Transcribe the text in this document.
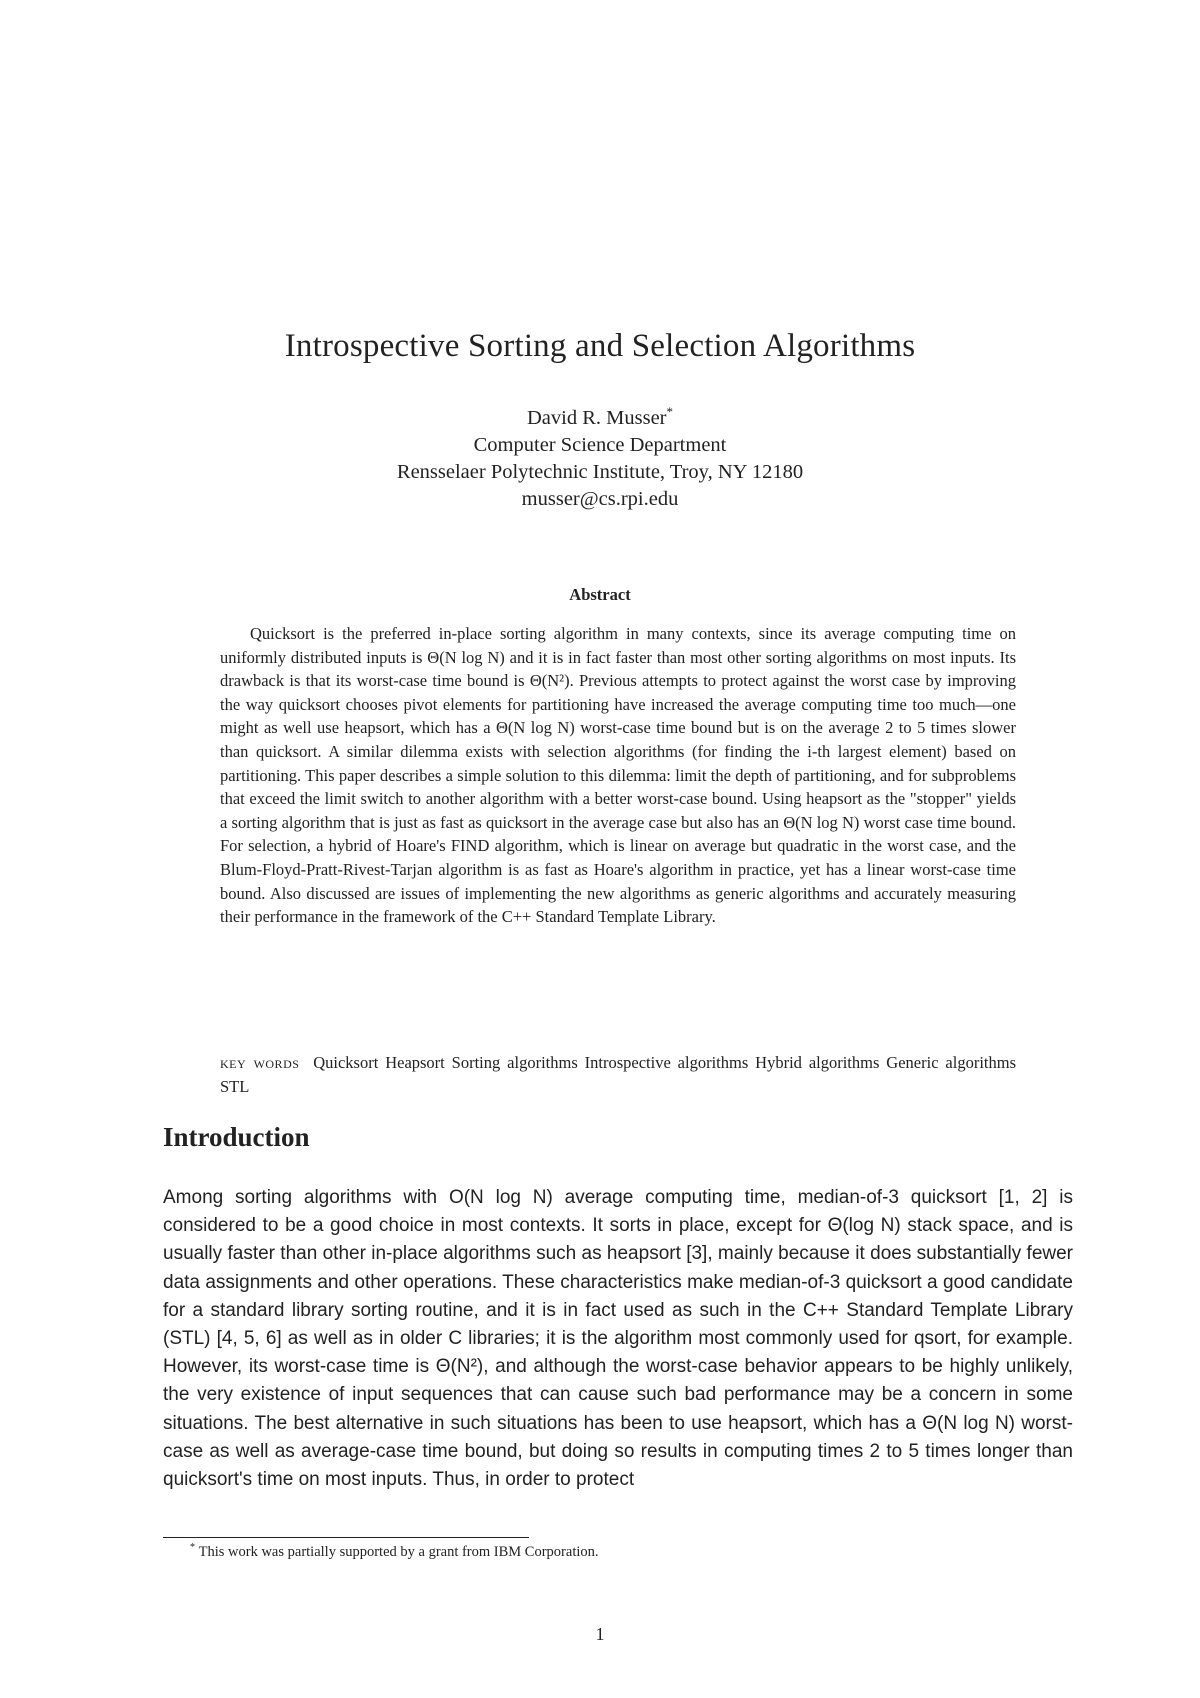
Introspective Sorting and Selection Algorithms
David R. Musser*
Computer Science Department
Rensselaer Polytechnic Institute, Troy, NY 12180
musser@cs.rpi.edu
Abstract
Quicksort is the preferred in-place sorting algorithm in many contexts, since its average computing time on uniformly distributed inputs is Θ(N log N) and it is in fact faster than most other sorting algorithms on most inputs. Its drawback is that its worst-case time bound is Θ(N²). Previous attempts to protect against the worst case by improving the way quicksort chooses pivot elements for partitioning have increased the average computing time too much—one might as well use heapsort, which has a Θ(N log N) worst-case time bound but is on the average 2 to 5 times slower than quicksort. A similar dilemma exists with selection algorithms (for finding the i-th largest element) based on partitioning. This paper describes a simple solution to this dilemma: limit the depth of partitioning, and for subproblems that exceed the limit switch to another algorithm with a better worst-case bound. Using heapsort as the "stopper" yields a sorting algorithm that is just as fast as quicksort in the average case but also has an Θ(N log N) worst case time bound. For selection, a hybrid of Hoare's FIND algorithm, which is linear on average but quadratic in the worst case, and the Blum-Floyd-Pratt-Rivest-Tarjan algorithm is as fast as Hoare's algorithm in practice, yet has a linear worst-case time bound. Also discussed are issues of implementing the new algorithms as generic algorithms and accurately measuring their performance in the framework of the C++ Standard Template Library.
key words Quicksort Heapsort Sorting algorithms Introspective algorithms Hybrid algorithms Generic algorithms STL
Introduction
Among sorting algorithms with O(N log N) average computing time, median-of-3 quicksort [1, 2] is considered to be a good choice in most contexts. It sorts in place, except for Θ(log N) stack space, and is usually faster than other in-place algorithms such as heapsort [3], mainly because it does substantially fewer data assignments and other operations. These characteristics make median-of-3 quicksort a good candidate for a standard library sorting routine, and it is in fact used as such in the C++ Standard Template Library (STL) [4, 5, 6] as well as in older C libraries; it is the algorithm most commonly used for qsort, for example. However, its worst-case time is Θ(N²), and although the worst-case behavior appears to be highly unlikely, the very existence of input sequences that can cause such bad performance may be a concern in some situations. The best alternative in such situations has been to use heapsort, which has a Θ(N log N) worst-case as well as average-case time bound, but doing so results in computing times 2 to 5 times longer than quicksort's time on most inputs. Thus, in order to protect
* This work was partially supported by a grant from IBM Corporation.
1
